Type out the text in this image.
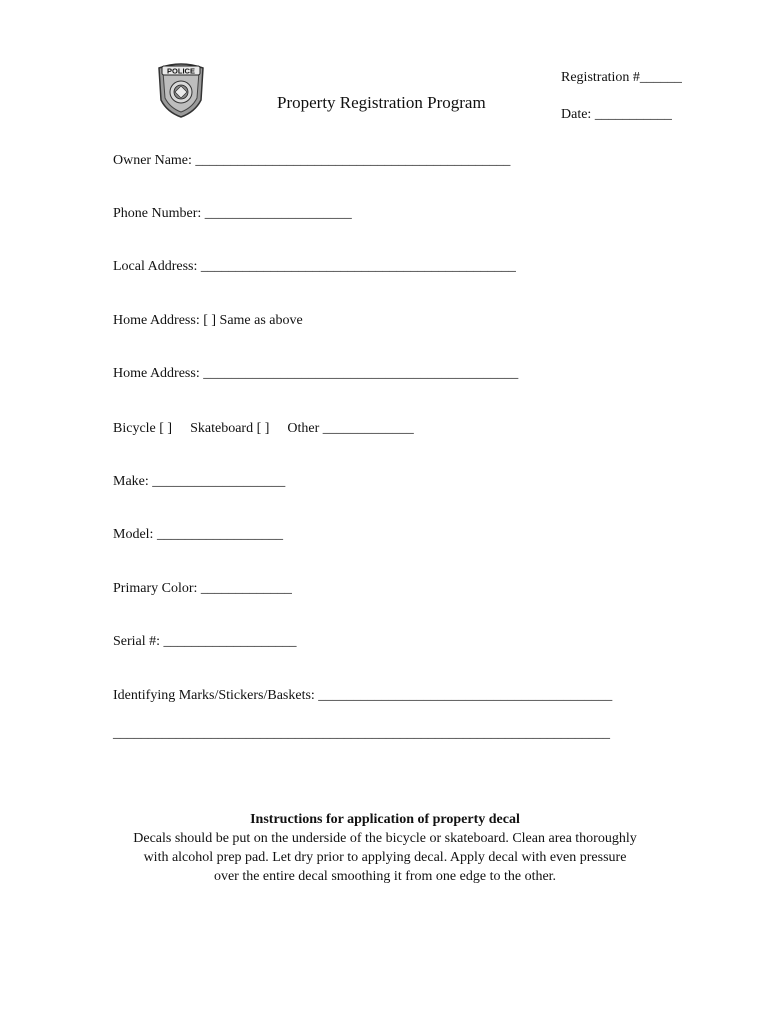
POLICE
Property Registration Program
Registration #______
Date: ___________
Owner Name: _____________________________________________
Phone Number: _____________________
Local Address: _____________________________________________
Home Address: [ ] Same as above
Home Address: _____________________________________________
Bicycle [ ] Skateboard [ ] Other _____________
Make: ___________________
Model: __________________
Primary Color: _____________
Serial #: ___________________
Identifying Marks/Stickers/Baskets: __________________________________________
_______________________________________________________________________
Instructions for application of property decal
Decals should be put on the underside of the bicycle or skateboard. Clean area thoroughly
with alcohol prep pad. Let dry prior to applying decal. Apply decal with even pressure
over the entire decal smoothing it from one edge to the other.
